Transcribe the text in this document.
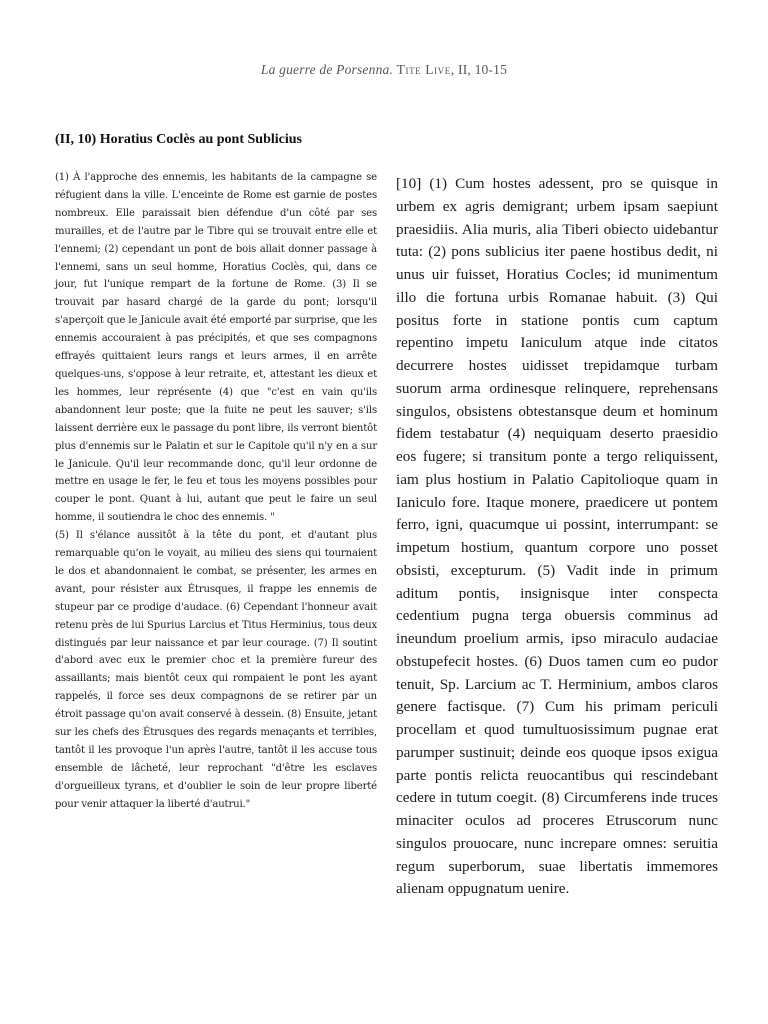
La guerre de Porsenna. Tite Live, II, 10-15
(II, 10) Horatius Coclès au pont Sublicius

(1) À l'approche des ennemis, les habitants de la campagne se réfugient dans la ville. L'enceinte de Rome est garnie de postes nombreux. Elle paraissait bien défendue d'un côté par ses murailles, et de l'autre par le Tibre qui se trouvait entre elle et l'ennemi; (2) cependant un pont de bois allait donner passage à l'ennemi, sans un seul homme, Horatius Coclès, qui, dans ce jour, fut l'unique rempart de la fortune de Rome. (3) Il se trouvait par hasard chargé de la garde du pont; lorsqu'il s'aperçoit que le Janicule avait été emporté par surprise, que les ennemis accouraient à pas précipités, et que ses compagnons effrayés quittaient leurs rangs et leurs armes, il en arrête quelques-uns, s'oppose à leur retraite, et, attestant les dieux et les hommes, leur représente (4) que "c'est en vain qu'ils abandonnent leur poste; que la fuite ne peut les sauver; s'ils laissent derrière eux le passage du pont libre, ils verront bientôt plus d'ennemis sur le Palatin et sur le Capitole qu'il n'y en a sur le Janicule. Qu'il leur recommande donc, qu'il leur ordonne de mettre en usage le fer, le feu et tous les moyens possibles pour couper le pont. Quant à lui, autant que peut le faire un seul homme, il soutiendra le choc des ennemis. "

(5) Il s'élance aussitôt à la tête du pont, et d'autant plus remarquable qu'on le voyait, au milieu des siens qui tournaient le dos et abandonnaient le combat, se présenter, les armes en avant, pour résister aux Étrusques, il frappe les ennemis de stupeur par ce prodige d'audace. (6) Cependant l'honneur avait retenu près de lui Spurius Larcius et Titus Herminius, tous deux distingués par leur naissance et par leur courage. (7) Il soutint d'abord avec eux le premier choc et la première fureur des assaillants; mais bientôt ceux qui rompaient le pont les ayant rappelés, il force ses deux compagnons de se retirer par un étroit passage qu'on avait conservé à dessein. (8) Ensuite, jetant sur les chefs des Étrusques des regards menaçants et terribles, tantôt il les provoque l'un après l'autre, tantôt il les accuse tous ensemble de lâcheté, leur reprochant "d'être les esclaves d'orgueilleux tyrans, et d'oublier le soin de leur propre liberté pour venir attaquer la liberté d'autrui."

[10] (1) Cum hostes adessent, pro se quisque in urbem ex agris demigrant; urbem ipsam saepiunt praesidiis. Alia muris, alia Tiberi obiecto uidebantur tuta: (2) pons sublicius iter paene hostibus dedit, ni unus uir fuisset, Horatius Cocles; id munimentum illo die fortuna urbis Romanae habuit. (3) Qui positus forte in statione pontis cum captum repentino impetu Ianiculum atque inde citatos decurrere hostes uidisset trepidamque turbam suorum arma ordinesque relinquere, reprehensans singulos, obsistens obtestansque deum et hominum fidem testabatur (4) nequiquam deserto praesidio eos fugere; si transitum ponte a tergo reliquissent, iam plus hostium in Palatio Capitolioque quam in Ianiculo fore. Itaque monere, praedicere ut pontem ferro, igni, quacumque ui possint, interrumpant: se impetum hostium, quantum corpore uno posset obsisti, excepturum. (5) Vadit inde in primum aditum pontis, insignisque inter conspecta cedentium pugna terga obuersis comminus ad ineundum proelium armis, ipso miraculo audaciae obstupefecit hostes. (6) Duos tamen cum eo pudor tenuit, Sp. Larcium ac T. Herminium, ambos claros genere factisque. (7) Cum his primam periculi procellam et quod tumultuosissimum pugnae erat parumper sustinuit; deinde eos quoque ipsos exigua parte pontis relicta reuocantibus qui rescindebant cedere in tutum coegit. (8) Circumferens inde truces minaciter oculos ad proceres Etruscorum nunc singulos prouocare, nunc increpare omnes: seruitia regum superborum, suae libertatis immemores alienam oppugnatum uenire.
